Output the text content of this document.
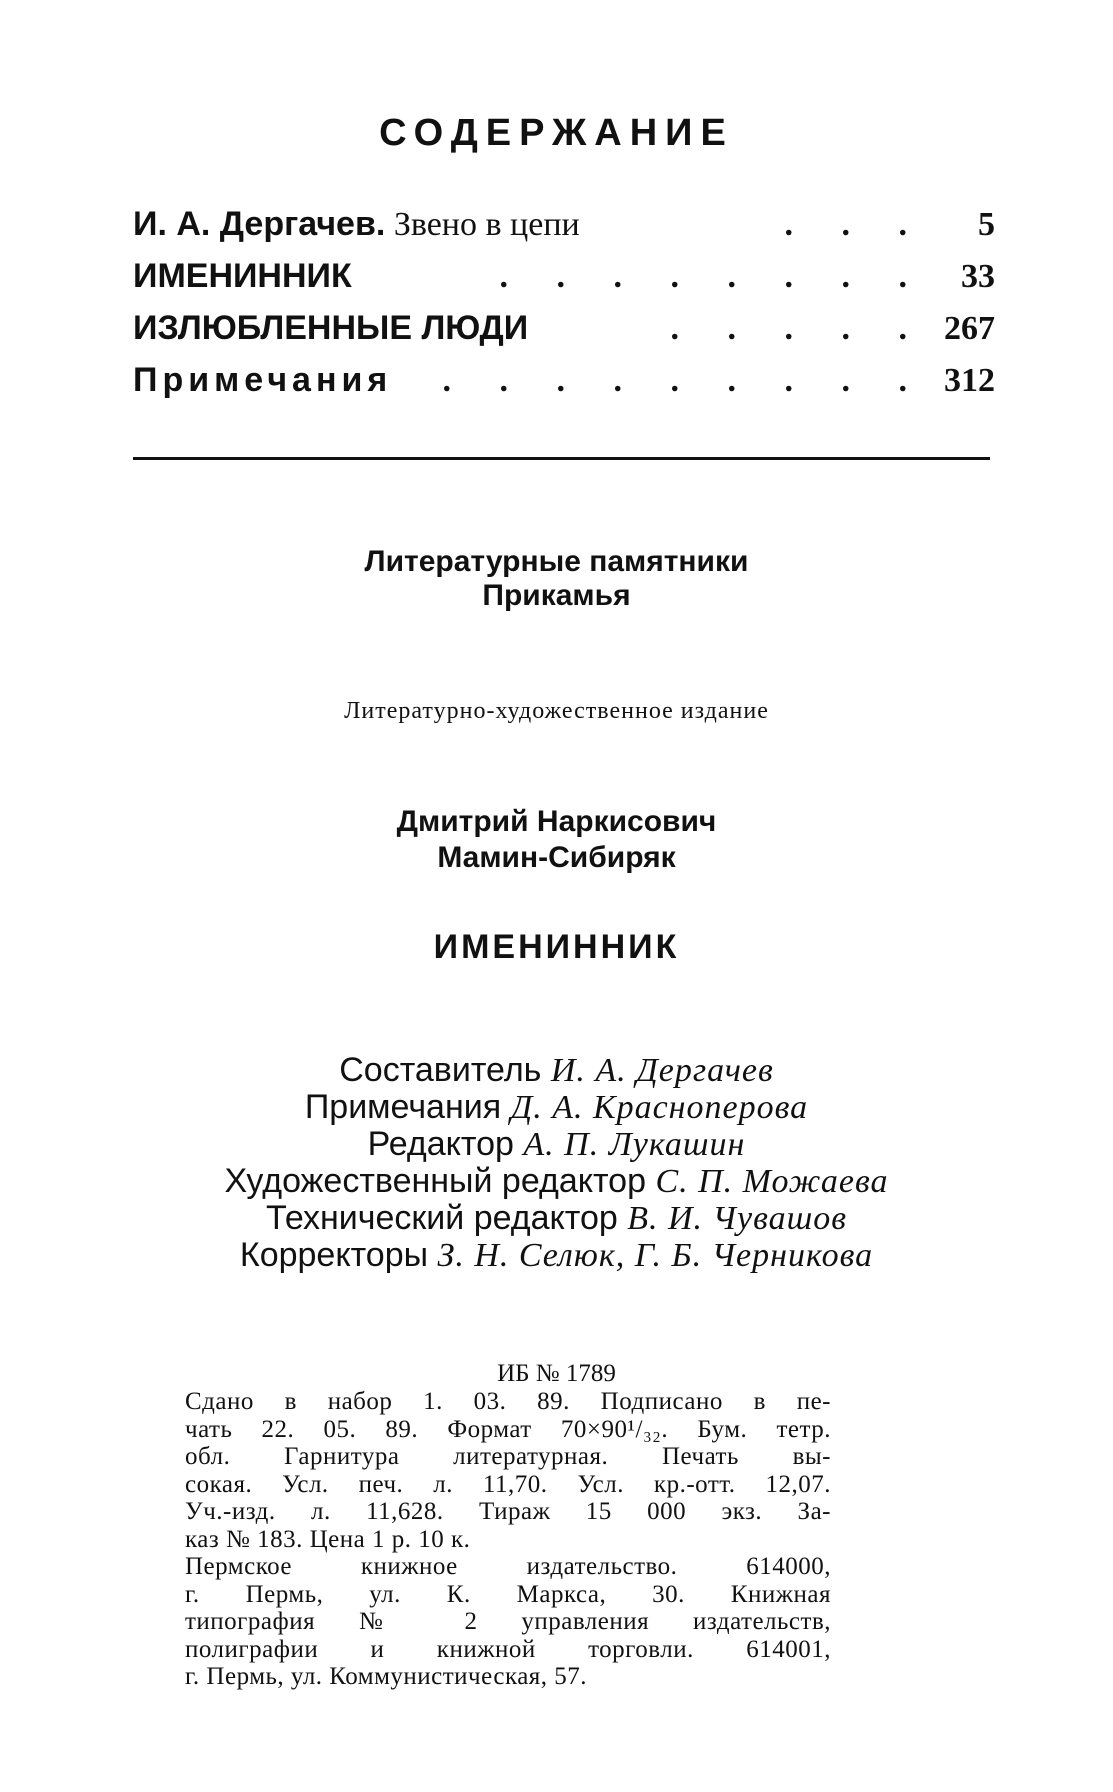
СОДЕРЖАНИЕ
И. А. Дергачев. Звено в цепи	. . .	5
ИМЕНИННИК	. . . . . . . .	33
ИЗЛЮБЛЕННЫЕ ЛЮДИ	. . . . . 267
Примечания	. . . . . . . . . 312
Литературные памятники
Прикамья
Литературно-художественное издание
Дмитрий Наркисович
Мамин-Сибиряк
ИМЕНИННИК
Составитель И. А. Дергачев
Примечания Д. А. Красноперова
Редактор А. П. Лукашин
Художественный редактор С. П. Можаева
Технический редактор В. И. Чувашов
Корректоры З. Н. Селюк, Г. Б. Черникова
ИБ № 1789
Сдано в набор 1. 03. 89. Подписано в пе-
чать 22. 05. 89. Формат 70×90¹/₃₂. Бум. тетр.
обл. Гарнитура литературная. Печать вы-
сокая. Усл. печ. л. 11,70. Усл. кр.-отт. 12,07.
Уч.-изд. л. 11,628. Тираж 15 000 экз. За-
каз № 183. Цена 1 р. 10 к.
Пермское книжное издательство. 614000,
г. Пермь, ул. К. Маркса, 30. Книжная
типография № 2 управления издательств,
полиграфии и книжной торговли. 614001,
г. Пермь, ул. Коммунистическая, 57.
